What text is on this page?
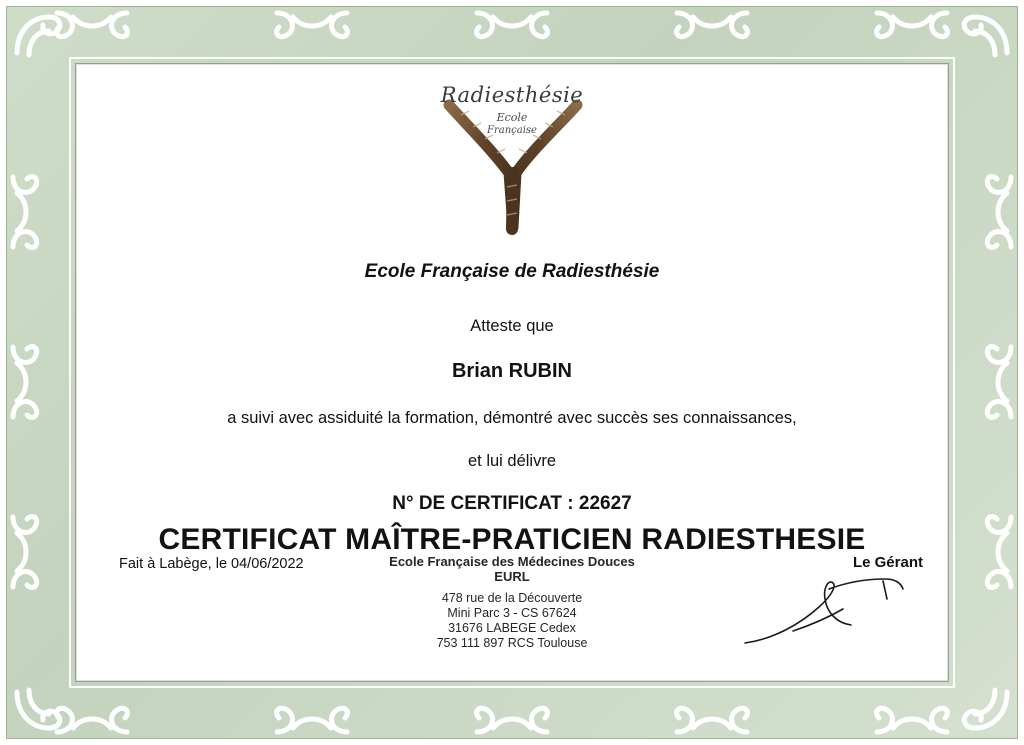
Radiesthésie
Ecole
Française
Ecole Française de Radiesthésie
Atteste que
Brian RUBIN
a suivi avec assiduité la formation, démontré avec succès ses connaissances,
et lui délivre
N° DE CERTIFICAT : 22627
CERTIFICAT MAÎTRE-PRATICIEN RADIESTHESIE
Fait à Labège, le 04/06/2022	Ecole Française des Médecines Douces
EURL
478 rue de la Découverte
Mini Parc 3 - CS 67624
31676 LABEGE Cedex
753 111 897 RCS Toulouse
Le Gérant
